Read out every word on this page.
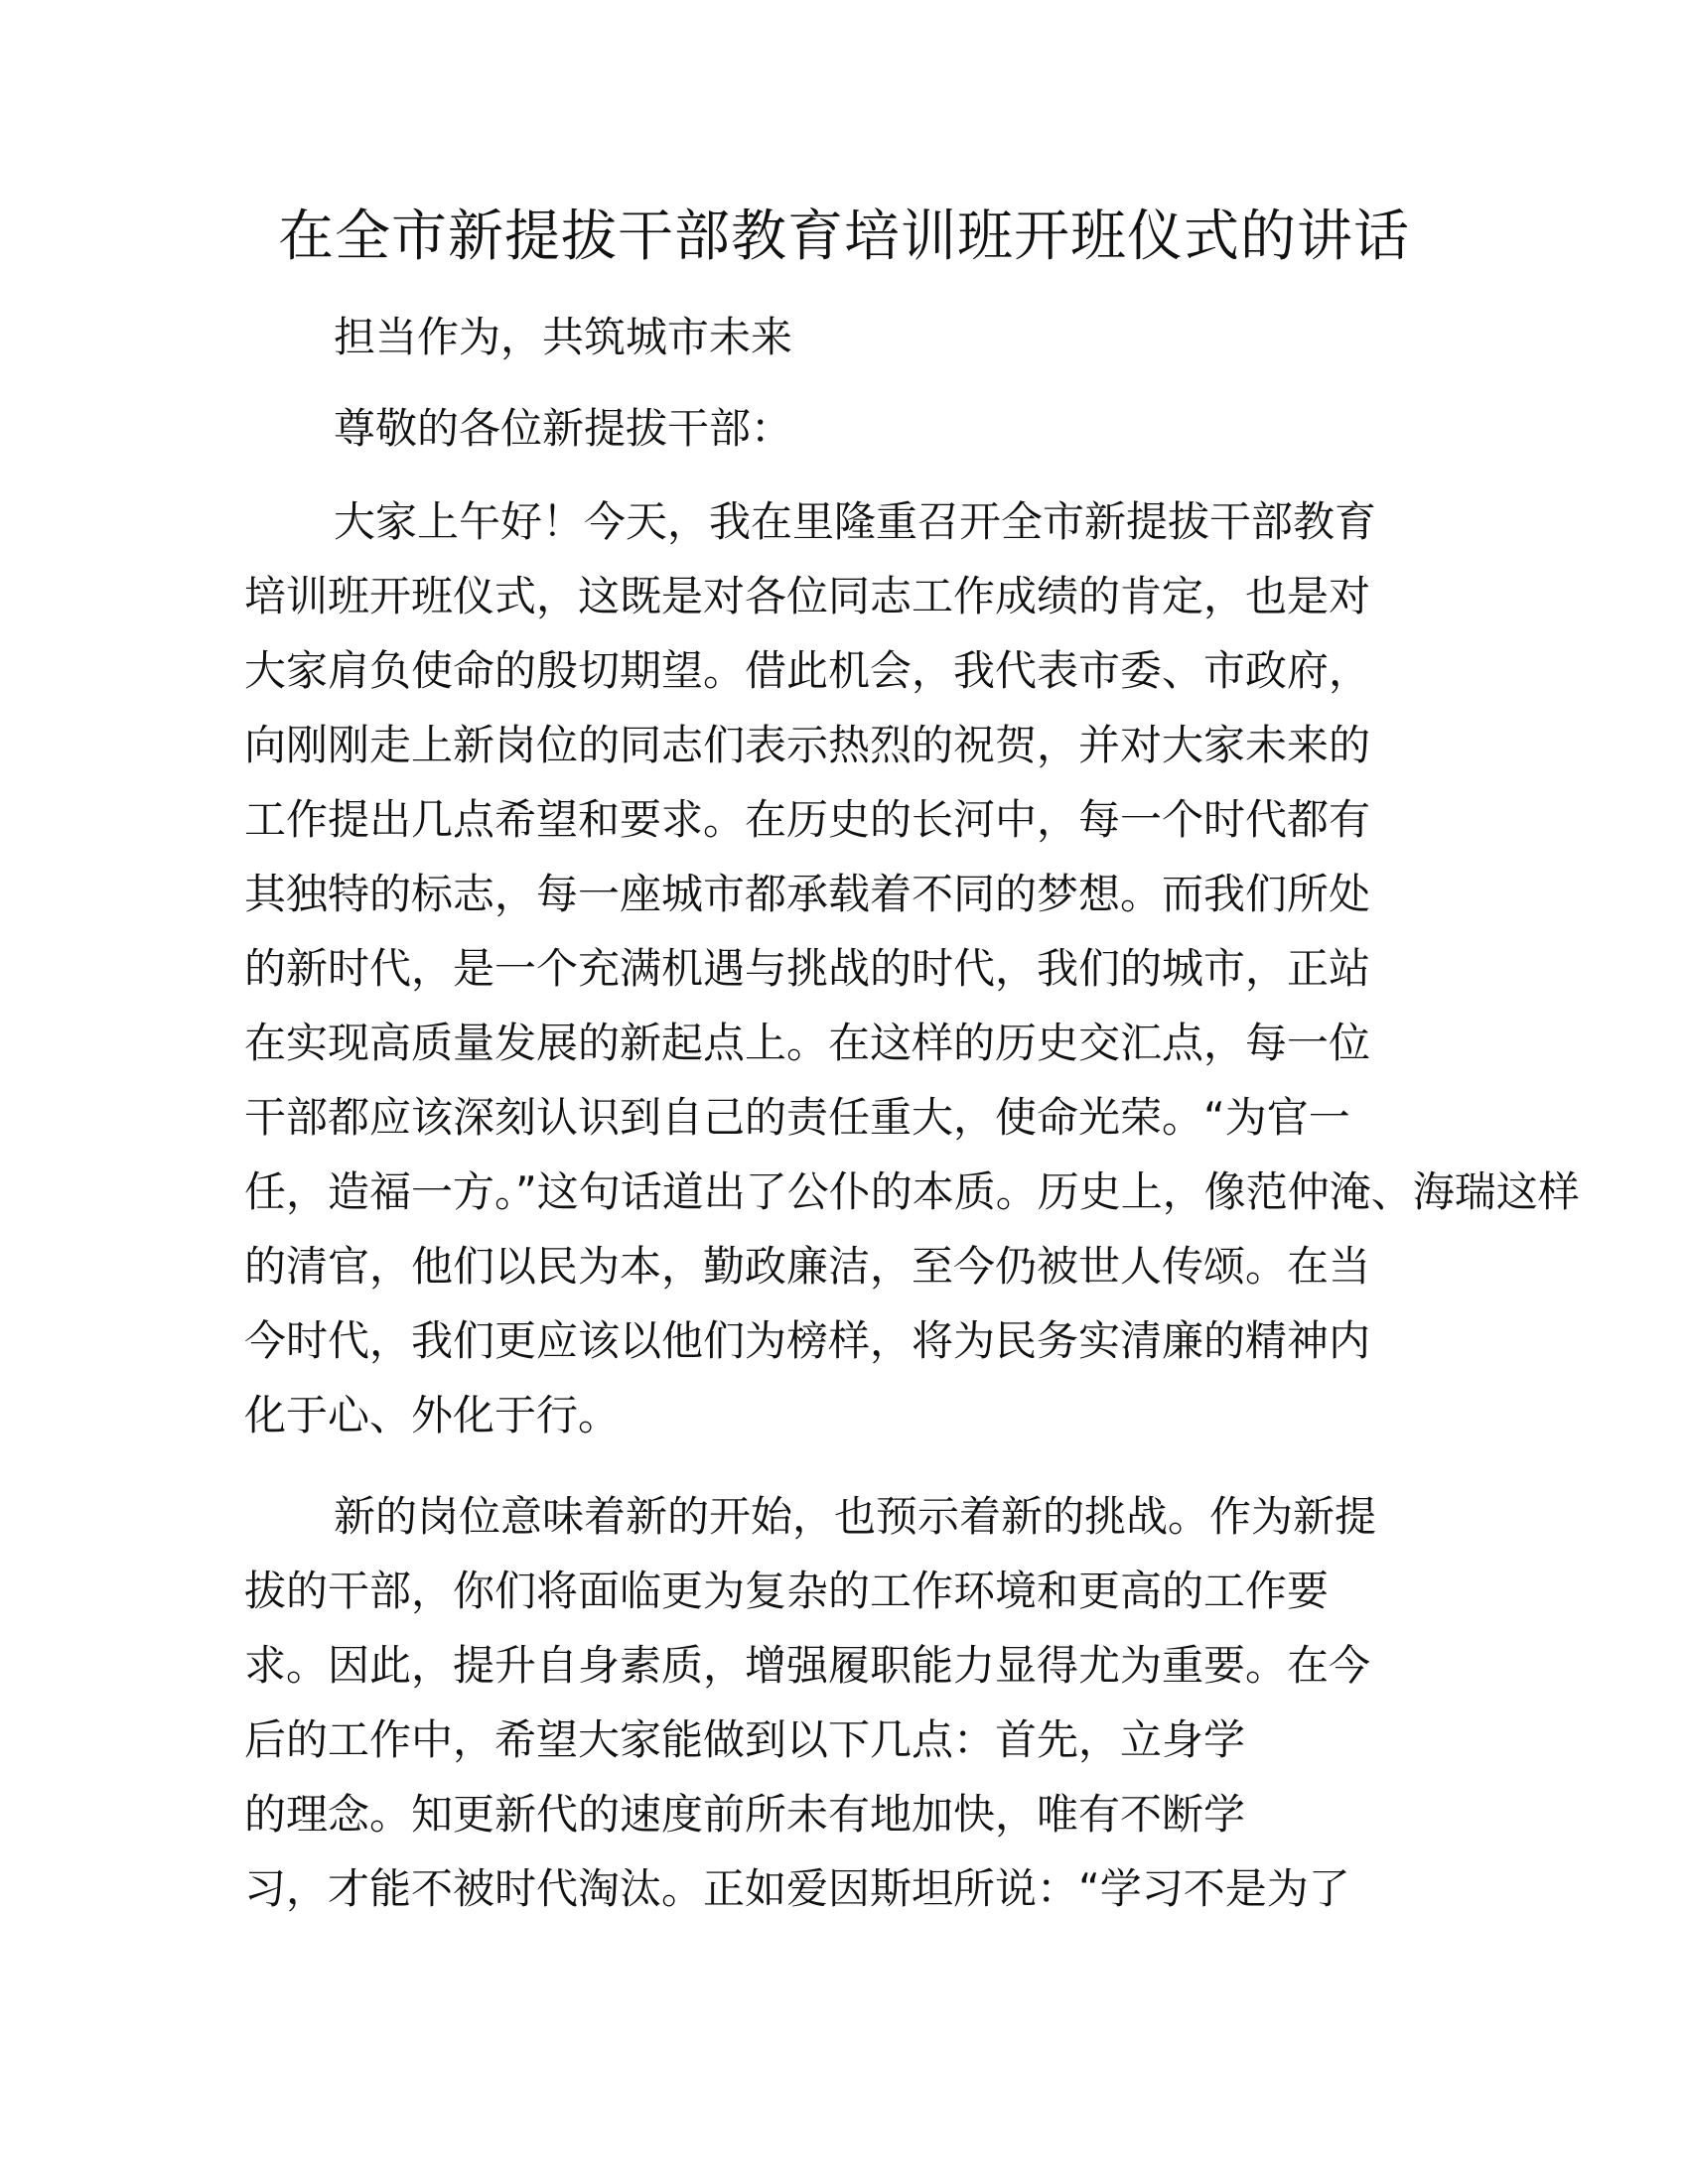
在全市新提拔干部教育培训班开班仪式的讲话
担当作为，共筑城市未来
尊敬的各位新提拔干部：
大家上午好！今天，我在里隆重召开全市新提拔干部教育
培训班开班仪式，这既是对各位同志工作成绩的肯定，也是对
大家肩负使命的殷切期望。借此机会，我代表市委、市政府，
向刚刚走上新岗位的同志们表示热烈的祝贺，并对大家未来的
工作提出几点希望和要求。在历史的长河中，每一个时代都有
其独特的标志，每一座城市都承载着不同的梦想。而我们所处
的新时代，是一个充满机遇与挑战的时代，我们的城市，正站
在实现高质量发展的新起点上。在这样的历史交汇点，每一位
干部都应该深刻认识到自己的责任重大，使命光荣。“为官一
任，造福一方。”这句话道出了公仆的本质。历史上，像范仲淹、海瑞这样
的清官，他们以民为本，勤政廉洁，至今仍被世人传颂。在当
今时代，我们更应该以他们为榜样，将为民务实清廉的精神内
化于心、外化于行。
新的岗位意味着新的开始，也预示着新的挑战。作为新提
拔的干部，你们将面临更为复杂的工作环境和更高的工作要
求。因此，提升自身素质，增强履职能力显得尤为重要。在今
后的工作中，希望大家能做到以下几点：首先，立身学
的理念。知更新代的速度前所未有地加快，唯有不断学
习，才能不被时代淘汰。正如爱因斯坦所说：“学习不是为了
